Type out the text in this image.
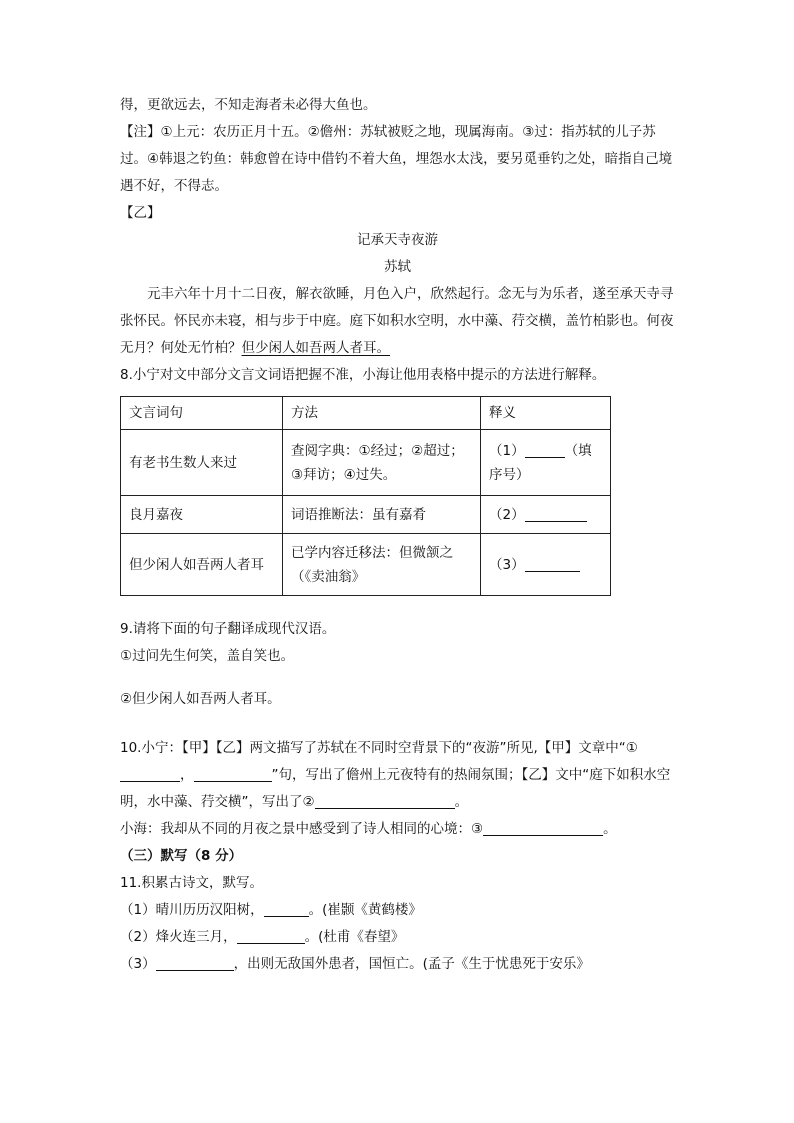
得，更欲远去，不知走海者未必得大鱼也。

【注】①上元：农历正月十五。②儋州：苏轼被贬之地，现属海南。③过：指苏轼的儿子苏过。④韩退之钓鱼：韩愈曾在诗中借钓不着大鱼，埋怨水太浅，要另觅垂钓之处，暗指自己境遇不好，不得志。

【乙】

记承天寺夜游

苏轼

元丰六年十月十二日夜，解衣欲睡，月色入户，欣然起行。念无与为乐者，遂至承天寺寻张怀民。怀民亦未寝，相与步于中庭。庭下如积水空明，水中藻、荇交横，盖竹柏影也。何夜无月？何处无竹柏？但少闲人如吾两人者耳。

8.小宁对文中部分文言文词语把握不准，小海让他用表格中提示的方法进行解释。

文言词句	方法	释义
有老书生数人来过	查阅字典：①经过；②超过；③拜访；④过失。	（1） （填序号）
良月嘉夜	词语推断法：虽有嘉肴	（2）
但少闲人如吾两人者耳	已学内容迁移法：但微颔之（《卖油翁》	（3）

9.请将下面的句子翻译成现代汉语。

①过问先生何笑，盖自笑也。

②但少闲人如吾两人者耳。

10.小宁：【甲】【乙】两文描写了苏轼在不同时空背景下的“夜游”所见,【甲】文章中“①，	”句，写出了儋州上元夜特有的热闹氛围；【乙】文中“庭下如积水空明，水中藻、荇交横”，写出了②	。

小海：我却从不同的月夜之景中感受到了诗人相同的心境：③	。

（三）默写（8 分）

11.积累古诗文，默写。

（1）晴川历历汉阳树，	。(崔颢《黄鹤楼》

（2）烽火连三月，	。(杜甫《春望》

（3）	，出则无敌国外患者，国恒亡。(孟子《生于忧患死于安乐》
